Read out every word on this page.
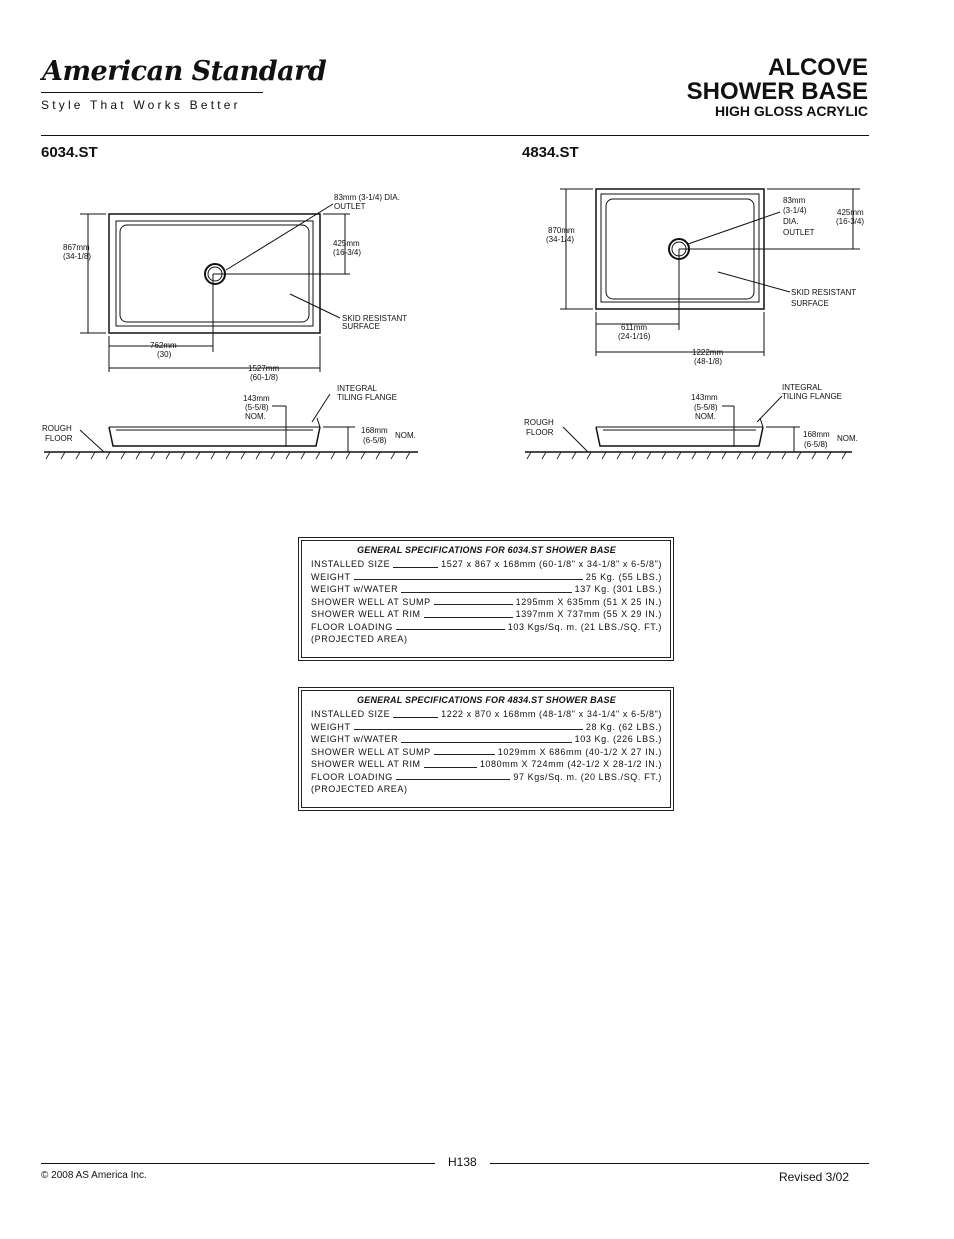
American Standard
Style That Works Better
ALCOVE
SHOWER BASE
HIGH GLOSS ACRYLIC
6034.ST	4834.ST
83mm (3-1/4) DIA.
OUTLET
867mm
(34-1/8)
425mm
(16-3/4)
SKID RESISTANT
SURFACE
762mm
(30)
1527mm
(60-1/8)
INTEGRAL
TILING FLANGE
143mm
(5-5/8)
NOM.
ROUGH
FLOOR
168mm
(6-5/8)
NOM.
870mm
(34-1/4)
83mm
(3-1/4)
DIA.
OUTLET
425mm
(16-3/4)
SKID RESISTANT
SURFACE
611mm
(24-1/16)
1222mm
(48-1/8)
INTEGRAL
TILING FLANGE
143mm
(5-5/8)
NOM.
ROUGH
FLOOR	168mm
(6-5/8)
NOM.
GENERAL SPECIFICATIONS FOR 6034.ST SHOWER BASE
INSTALLED SIZE	1527 x 867 x 168mm (60-1/8" x 34-1/8" x 6-5/8")
WEIGHT	25 Kg. (55 LBS.)
WEIGHT w/WATER	137 Kg. (301 LBS.)
SHOWER WELL AT SUMP	1295mm X 635mm (51 X 25 IN.)
SHOWER WELL AT RIM	1397mm X 737mm (55 X 29 IN.)
FLOOR LOADING	103 Kgs/Sq. m. (21 LBS./SQ. FT.)
(PROJECTED AREA)
GENERAL SPECIFICATIONS FOR 4834.ST SHOWER BASE
INSTALLED SIZE	1222 x 870 x 168mm (48-1/8" x 34-1/4" x 6-5/8")
WEIGHT	28 Kg. (62 LBS.)
WEIGHT w/WATER	103 Kg. (226 LBS.)
SHOWER WELL AT SUMP	1029mm X 686mm (40-1/2 X 27 IN.)
SHOWER WELL AT RIM	1080mm X 724mm (42-1/2 X 28-1/2 IN.)
FLOOR LOADING	97 Kgs/Sq. m. (20 LBS./SQ. FT.)
(PROJECTED AREA)
H138
© 2008 AS America Inc.	Revised 3/02
